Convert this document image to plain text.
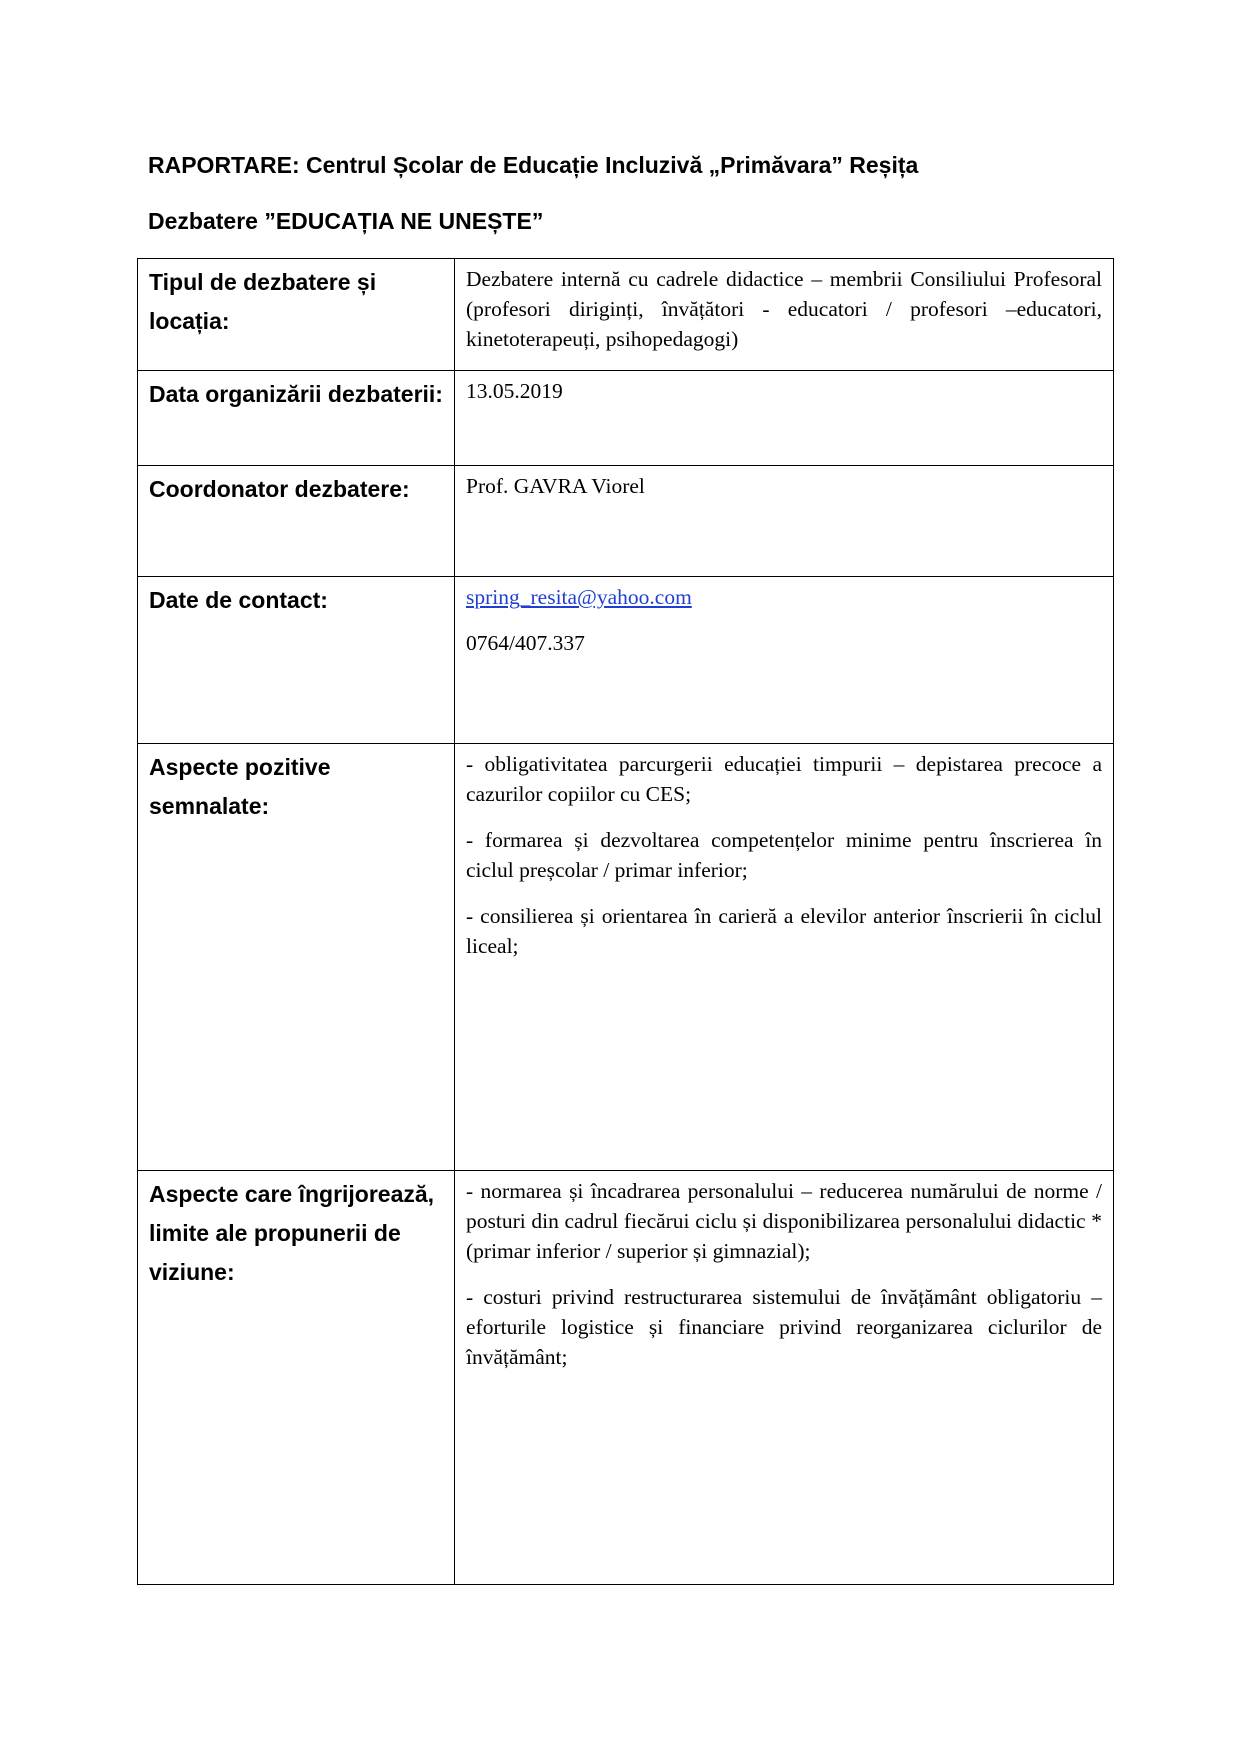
RAPORTARE: Centrul Școlar de Educație Incluzivă „Primăvara” Reșița
Dezbatere ”EDUCAȚIA NE UNEȘTE”
Tipul de dezbatere și locația:	Dezbatere internă cu cadrele didactice – membrii Consiliului Profesoral (profesori diriginți, învățători - educatori / profesori –educatori, kinetoterapeuți, psihopedagogi)

Data organizării dezbaterii:	13.05.2019

Coordonator dezbatere:	Prof. GAVRA Viorel

Date de contact:	spring_resita@yahoo.com

0764/407.337

Aspecte pozitive semnalate:	- obligativitatea parcurgerii educației timpurii – depistarea precoce a cazurilor copiilor cu CES;

- formarea și dezvoltarea competențelor minime pentru înscrierea în ciclul preșcolar / primar inferior;

- consilierea și orientarea în carieră a elevilor anterior înscrierii în ciclul liceal;

Aspecte care îngrijorează, limite ale propunerii de viziune:	- normarea și încadrarea personalului – reducerea numărului de norme / posturi din cadrul fiecărui ciclu și disponibilizarea personalului didactic *(primar inferior / superior și gimnazial);

- costuri privind restructurarea sistemului de învățământ obligatoriu – eforturile logistice și financiare privind reorganizarea ciclurilor de învățământ;
